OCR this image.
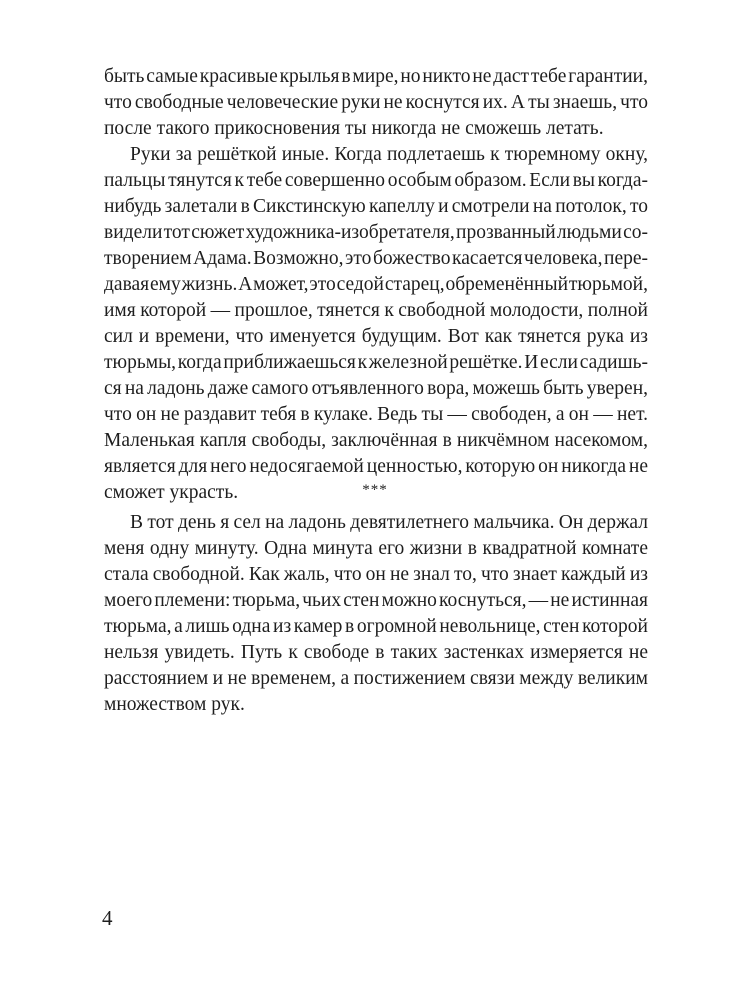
быть самые красивые крылья в мире, но никто не даст тебе гарантии,
что свободные человеческие руки не коснутся их. А ты знаешь, что
после такого прикосновения ты никогда не сможешь летать.
Руки за решёткой иные. Когда подлетаешь к тюремному окну,
пальцы тянутся к тебе совершенно особым образом. Если вы когда-
нибудь залетали в Сикстинскую капеллу и смотрели на потолок, то
видели тот сюжет художника-изобретателя, прозванный людьми со-
творением Адама. Возможно, это божество касается человека, пере-
давая ему жизнь. А может, это седой старец, обременённый тюрьмой,
имя которой — прошлое, тянется к свободной молодости, полной
сил и времени, что именуется будущим. Вот как тянется рука из
тюрьмы, когда приближаешься к железной решётке. И если садишь-
ся на ладонь даже самого отъявленного вора, можешь быть уверен,
что он не раздавит тебя в кулаке. Ведь ты — свободен, а он — нет.
Маленькая капля свободы, заключённая в никчёмном насекомом,
является для него недосягаемой ценностью, которую он никогда не
сможет украсть.	***
В тот день я сел на ладонь девятилетнего мальчика. Он держал
меня одну минуту. Одна минута его жизни в квадратной комнате
стала свободной. Как жаль, что он не знал то, что знает каждый из
моего племени: тюрьма, чьих стен можно коснуться, — не истинная
тюрьма, а лишь одна из камер в огромной невольнице, стен которой
нельзя увидеть. Путь к свободе в таких застенках измеряется не
расстоянием и не временем, а постижением связи между великим
множеством рук.
4
